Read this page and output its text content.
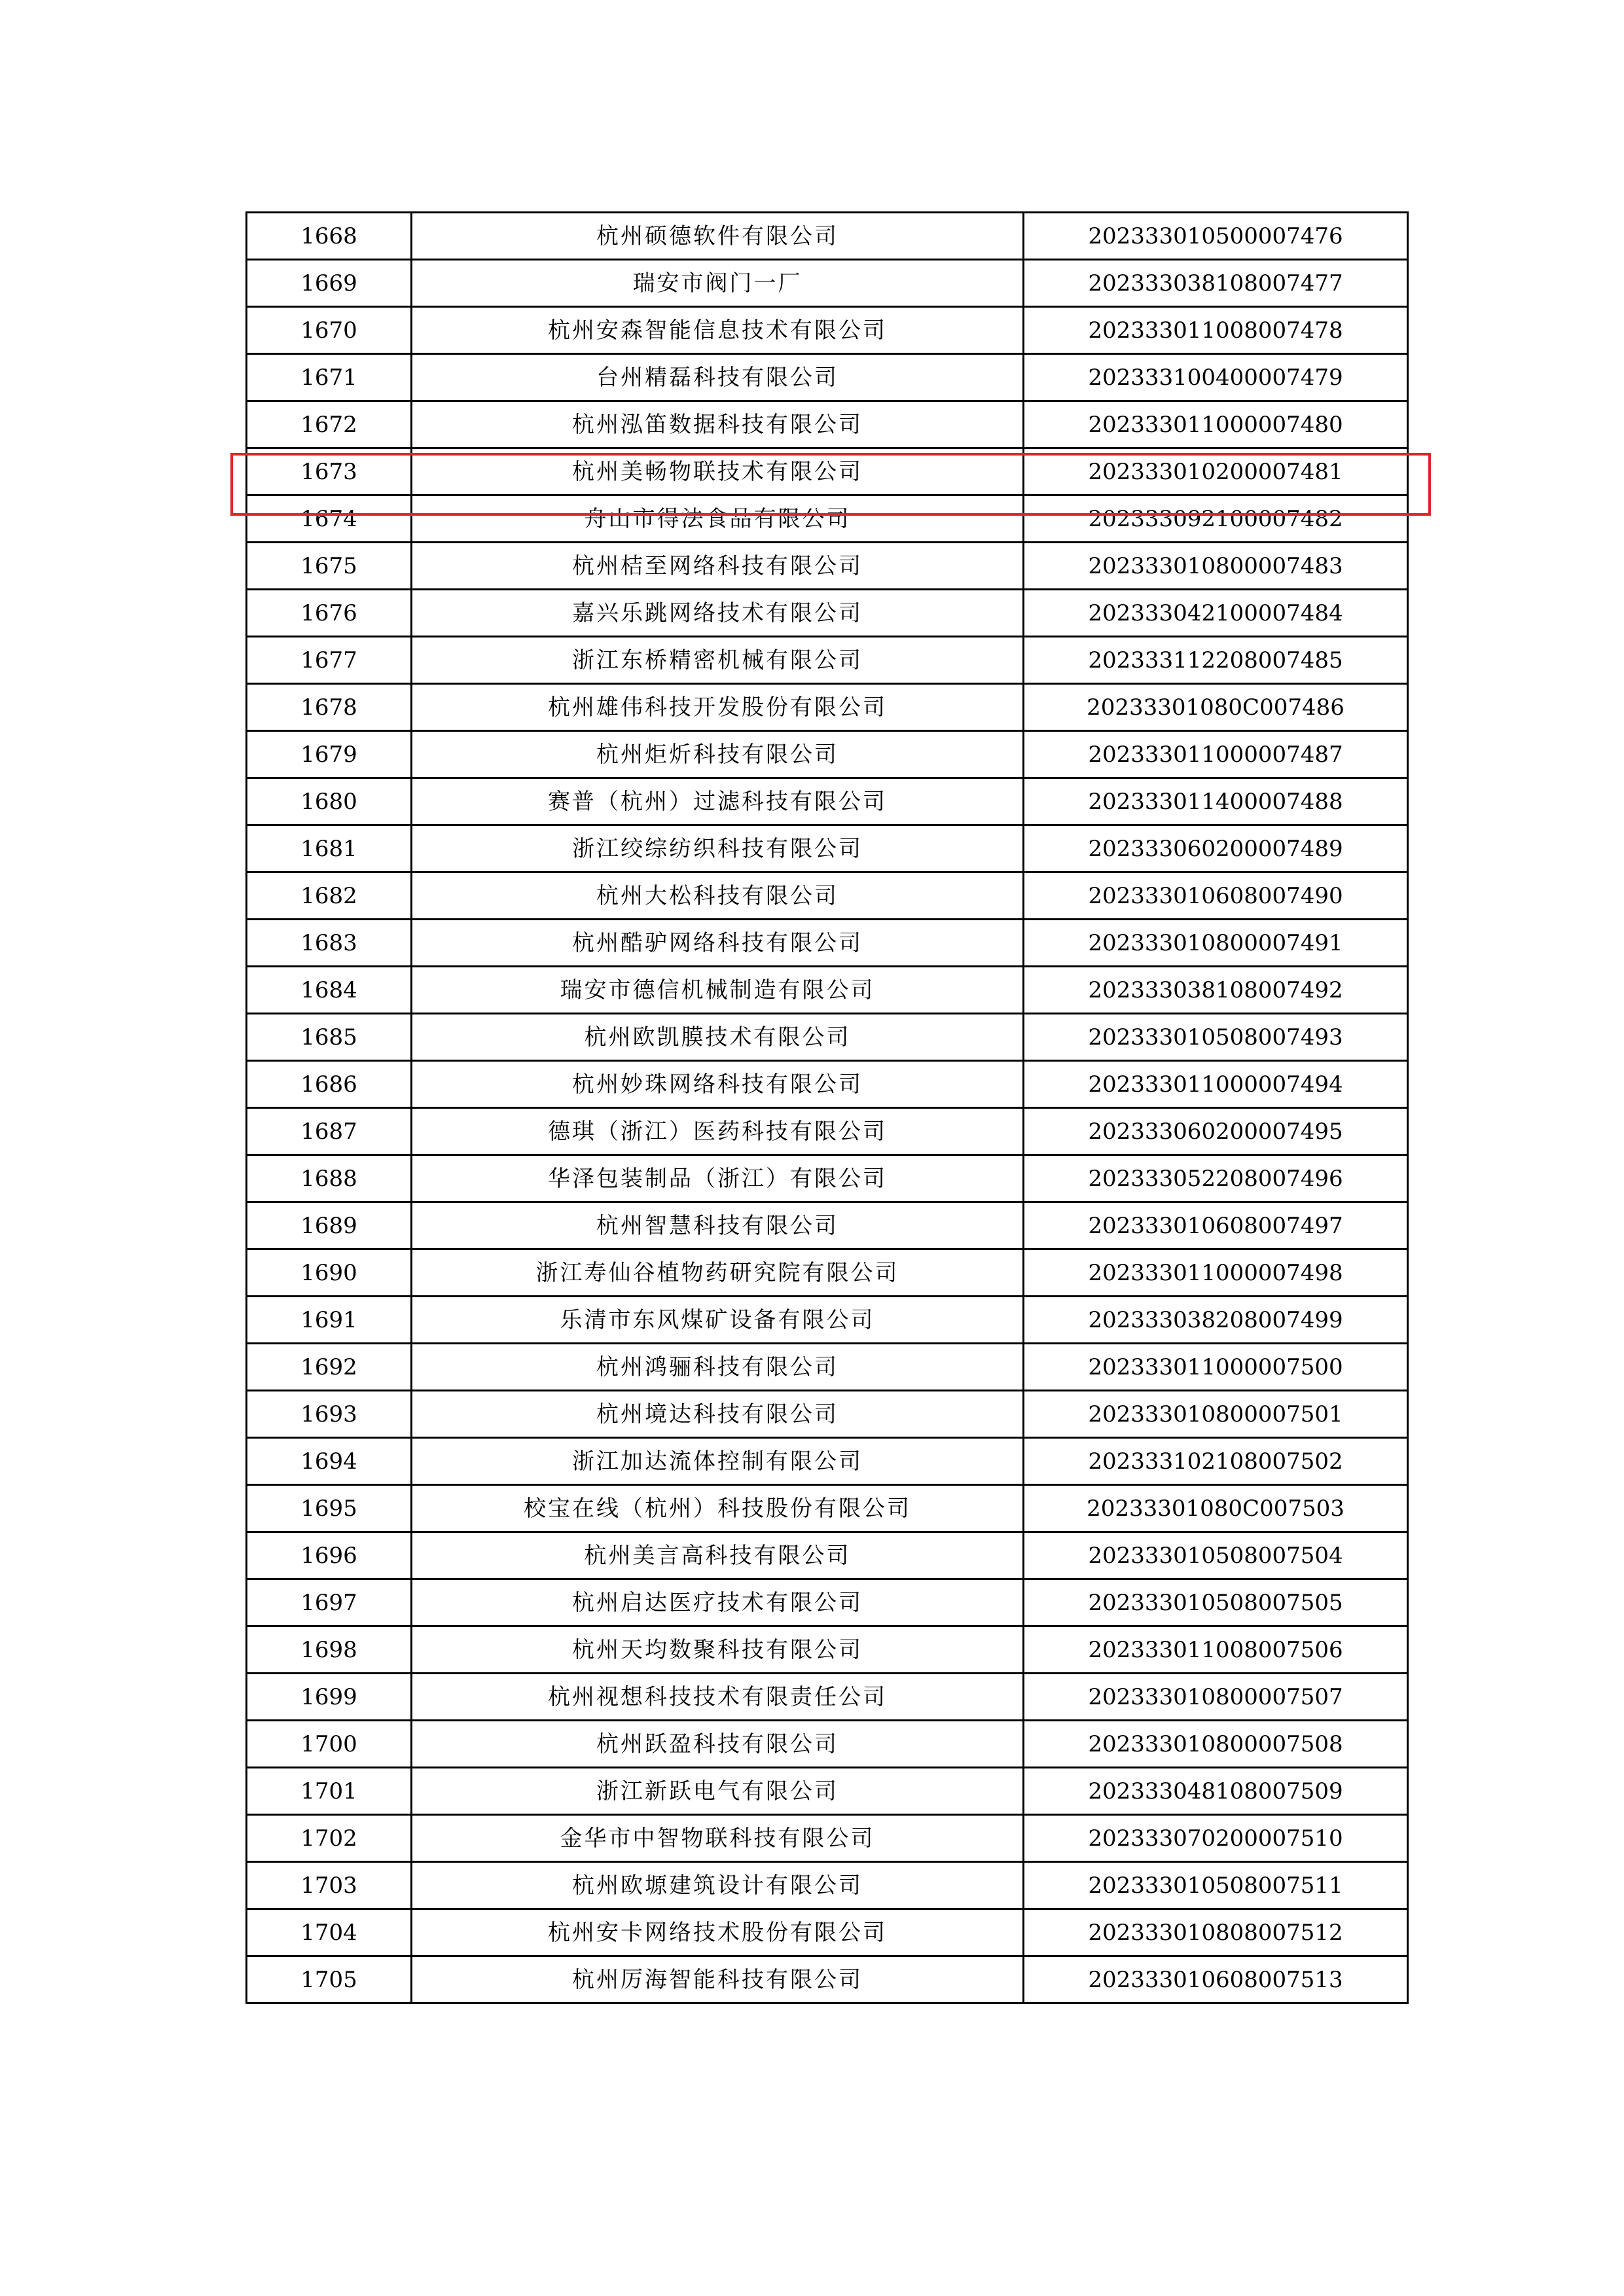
1668	杭州硕德软件有限公司	202333010500007476
1669	瑞安市阀门一厂	202333038108007477
1670	杭州安森智能信息技术有限公司	202333011008007478
1671	台州精磊科技有限公司	202333100400007479
1672	杭州泓笛数据科技有限公司	202333011000007480
1673	杭州美畅物联技术有限公司	202333010200007481
1674	舟山市得法食品有限公司	202333092100007482
1675	杭州桔至网络科技有限公司	202333010800007483
1676	嘉兴乐跳网络技术有限公司	202333042100007484
1677	浙江东桥精密机械有限公司	202333112208007485
1678	杭州雄伟科技开发股份有限公司	20233301080C007486
1679	杭州炬炘科技有限公司	202333011000007487
1680	赛普（杭州）过滤科技有限公司	202333011400007488
1681	浙江绞综纺织科技有限公司	202333060200007489
1682	杭州大松科技有限公司	202333010608007490
1683	杭州酷驴网络科技有限公司	202333010800007491
1684	瑞安市德信机械制造有限公司	202333038108007492
1685	杭州欧凯膜技术有限公司	202333010508007493
1686	杭州妙珠网络科技有限公司	202333011000007494
1687	德琪（浙江）医药科技有限公司	202333060200007495
1688	华泽包装制品（浙江）有限公司	202333052208007496
1689	杭州智慧科技有限公司	202333010608007497
1690	浙江寿仙谷植物药研究院有限公司	202333011000007498
1691	乐清市东风煤矿设备有限公司	202333038208007499
1692	杭州鸿骊科技有限公司	202333011000007500
1693	杭州境达科技有限公司	202333010800007501
1694	浙江加达流体控制有限公司	202333102108007502
1695	校宝在线（杭州）科技股份有限公司	20233301080C007503
1696	杭州美言高科技有限公司	202333010508007504
1697	杭州启达医疗技术有限公司	202333010508007505
1698	杭州天均数聚科技有限公司	202333011008007506
1699	杭州视想科技技术有限责任公司	202333010800007507
1700	杭州跃盈科技有限公司	202333010800007508
1701	浙江新跃电气有限公司	202333048108007509
1702	金华市中智物联科技有限公司	202333070200007510
1703	杭州欧塬建筑设计有限公司	202333010508007511
1704	杭州安卡网络技术股份有限公司	202333010808007512
1705	杭州厉海智能科技有限公司	202333010608007513
